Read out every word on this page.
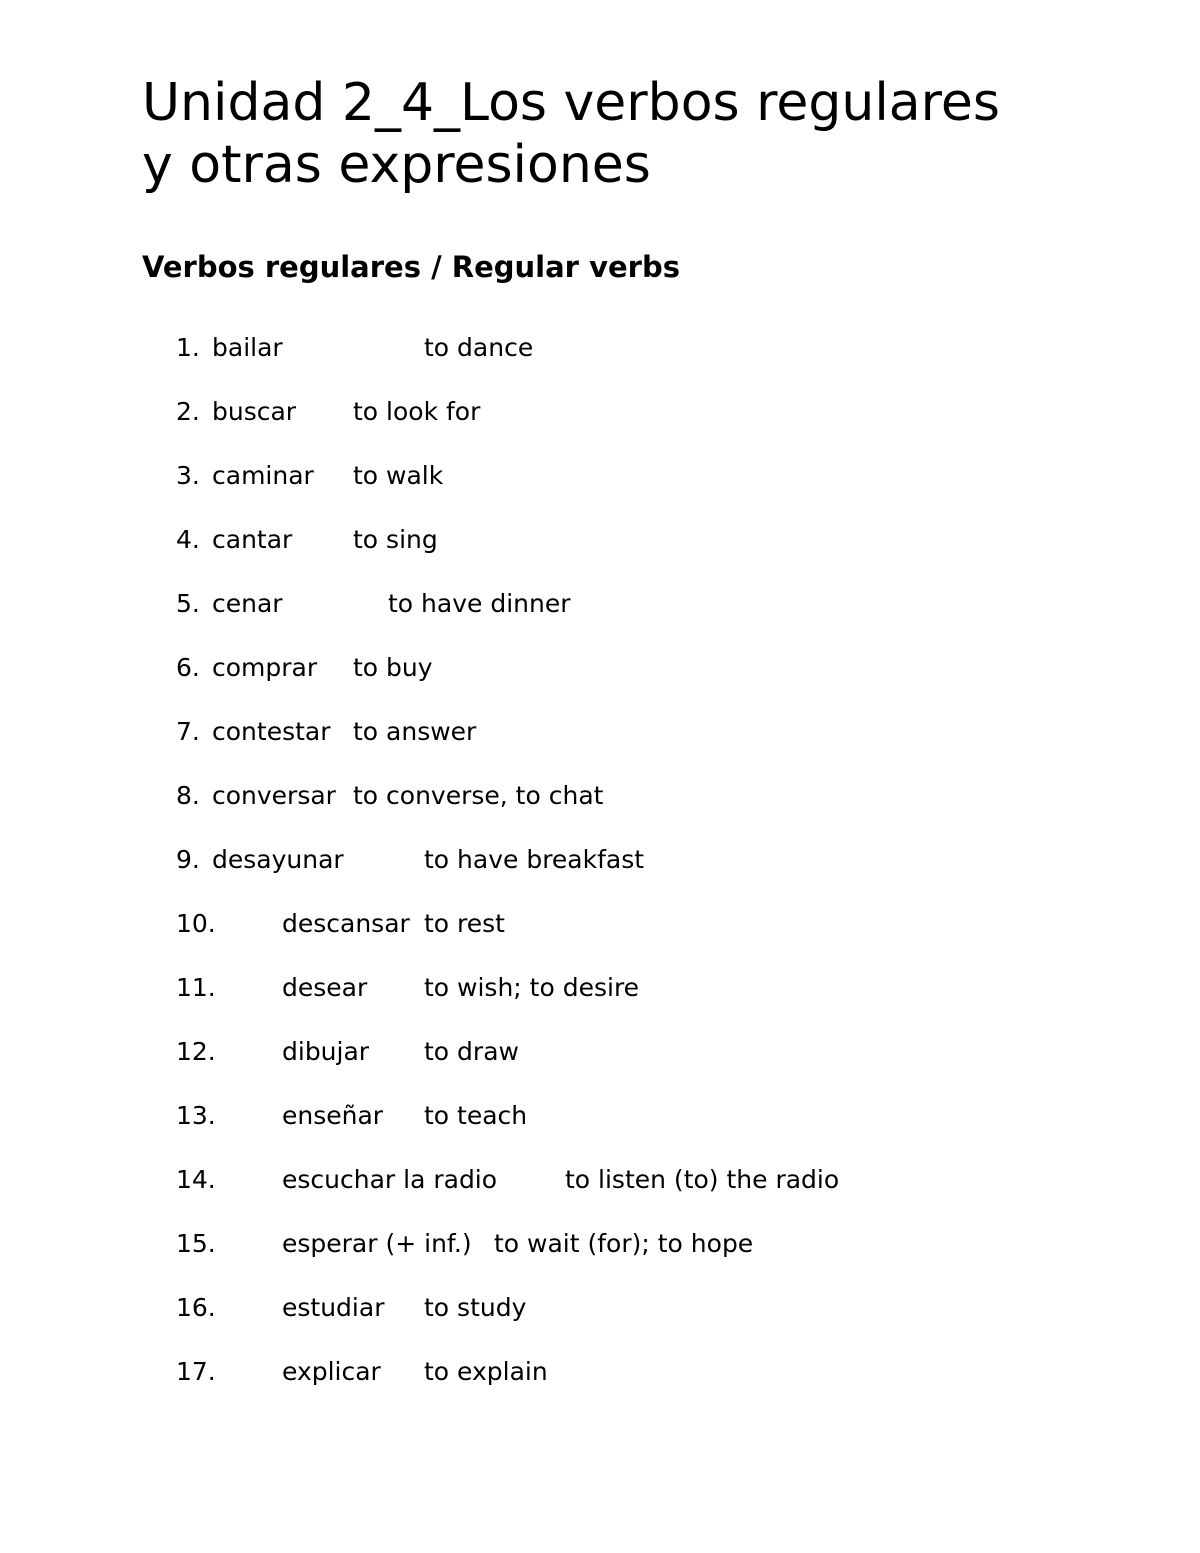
Unidad 2_4_Los verbos regulares
y otras expresiones
Verbos regulares / Regular verbs
1. bailar	to dance
2. buscar to look for
3. caminar to walk
4. cantar to sing
5. cenar	to have dinner
6. comprar to buy
7. contestar to answer
8. conversar to converse, to chat
9. desayunar	to have breakfast
10.	descansar to rest
11.	desear to wish; to desire
12.	dibujar to draw
13.	enseñar to teach
14.	escuchar la radio	to listen (to) the radio
15.	esperar (+ inf.) to wait (for); to hope
16.	estudiar to study
17.	explicar to explain
